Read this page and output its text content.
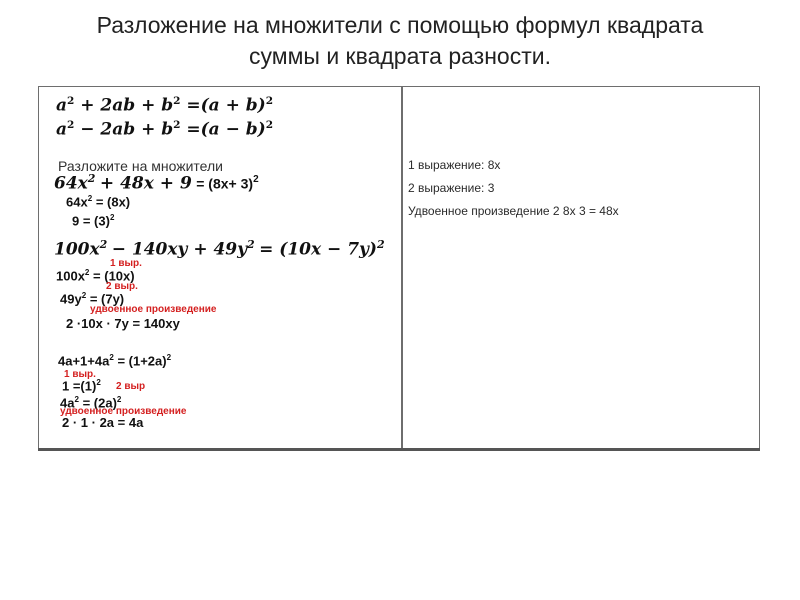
Разложение на множители с помощью формул квадрата
суммы и квадрата разности.
$a^2 + 2ab + b^2 =(a + b)^2$
$a^2 - 2ab + b^2 =(a - b)^2$
Разложите на множители
$64x^2 + 48x + 9 = (8x+ 3)^2$
$64x^2 = (8x)$
$9 = (3)^2$
$100x^2 - 140xy + 49y^2 = (10x - 7y)^2$
1 выр.
$100x^2 = (10x)$
2 выр.
$49y^2 = (7y)$
удвоенное произведение
2 ·10x · 7y = 140xy
$4a+1+4a^2 = (1+2a)^2$
1 выр.
$1 =(1)^2$ 2 выр
$4a^2 = (2a)^2$
удвоенное произведение
2 · 1 · 2a = 4a
1 выражение: 8x
2 выражение: 3
Удвоенное произведение 2 8x 3 = 48x
